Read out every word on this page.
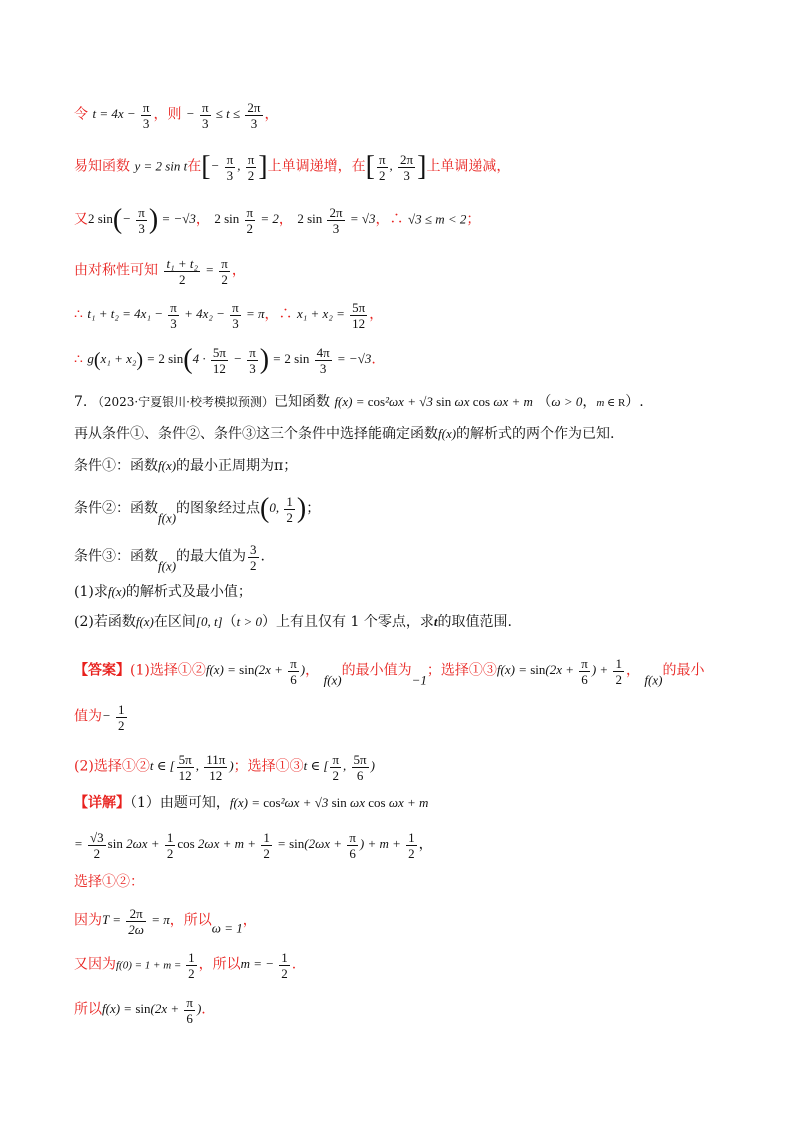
令 $t = 4x - \frac{\pi}{3}$ ，则 − $\frac{\pi}{3} \le t \le \frac{2\pi}{3}$ ，
易知函数 y = 2 sin t在[− $\frac{\pi}{3}$ , $\frac{\pi}{2}$ ]上单调递增，在[ $\frac{\pi}{2}$ , $\frac{2\pi}{3}$ ]上单调递减，
又2 $\sin(- \frac{\pi}{3}$ ) = −√3， 2 $\sin \frac{\pi}{2} = 2$， 2 $\sin \frac{2\pi}{3} = √3$，∴ √3 ≤ m < 2；
由对称性可知 $\frac{\text{t₁ + t₂}}{2} = \frac{\pi}{2}$ ，
∴ $t_1 + t_2 = 4x_1 - \frac{\pi}{3} + 4x_2 - \frac{\pi}{3} = \pi$，∴ $x_1 + x_2 = \frac{5\pi}{12}$ ，
∴ g(x₁ + x₂) = 2 $\sin(4 \cdot \frac{5\pi}{12} - \frac{\pi}{3}$ ) = 2 $\sin \frac{4\pi}{3} = -√3$.
7. （2023·宁夏银川·校考模拟预测）已知函数 f(x) = cos²ωx + √3 sin ωx cos ωx + m （ω > 0，m ∈ R）.
再从条件①、条件②、条件③这三个条件中选择能确定函数f(x)的解析式的两个作为已知.
条件①：函数f(x)的最小正周期为π；
条件②：函数f(x)的图象经过点(0, $\frac{1}{2}$ )；
条件③：函数f(x)的最大值为 $\frac{3}{2}$ .
(1)求f(x)的解析式及最小值；
(2)若函数f(x)在区间[0, t]（t > 0）上有且仅有 1 个零点，求t的取值范围.
【答案】(1)选择①②f(x) = $\sin(2x + \frac{\pi}{6}$ )， f(x)的最小值为−1；选择①③f(x) = $\sin(2x + \frac{\pi}{6}$ ) + $\frac{1}{2}$ ， f(x)的最小
值为− $\frac{1}{2}$
(2)选择①②t ∈ [ $\frac{5\pi}{12}$ , $\frac{11\pi}{12}$ )；选择①③t ∈ [ $\frac{\pi}{2}$ , $\frac{5\pi}{6}$ )
【详解】（1）由题可知，f(x) = cos²ωx + √3 sin ωx cos ωx + m
= $\frac{√3}{2}$ $\sin 2\omega x + \frac{1}{2}$ $\cos 2\omega x + m + \frac{1}{2} = \sin(2\omega x + \frac{\pi}{6}$ ) + $m + \frac{1}{2}$ ，
选择①②：
因为$T = \frac{2\pi}{2\omega} = \pi$，所以ω = 1，
又因为$f(0) = 1 + m = \frac{1}{2}$ ，所以m = − $\frac{1}{2}$ .
所以$f(x) = \sin(2x + \frac{\pi}{6}$ ).
